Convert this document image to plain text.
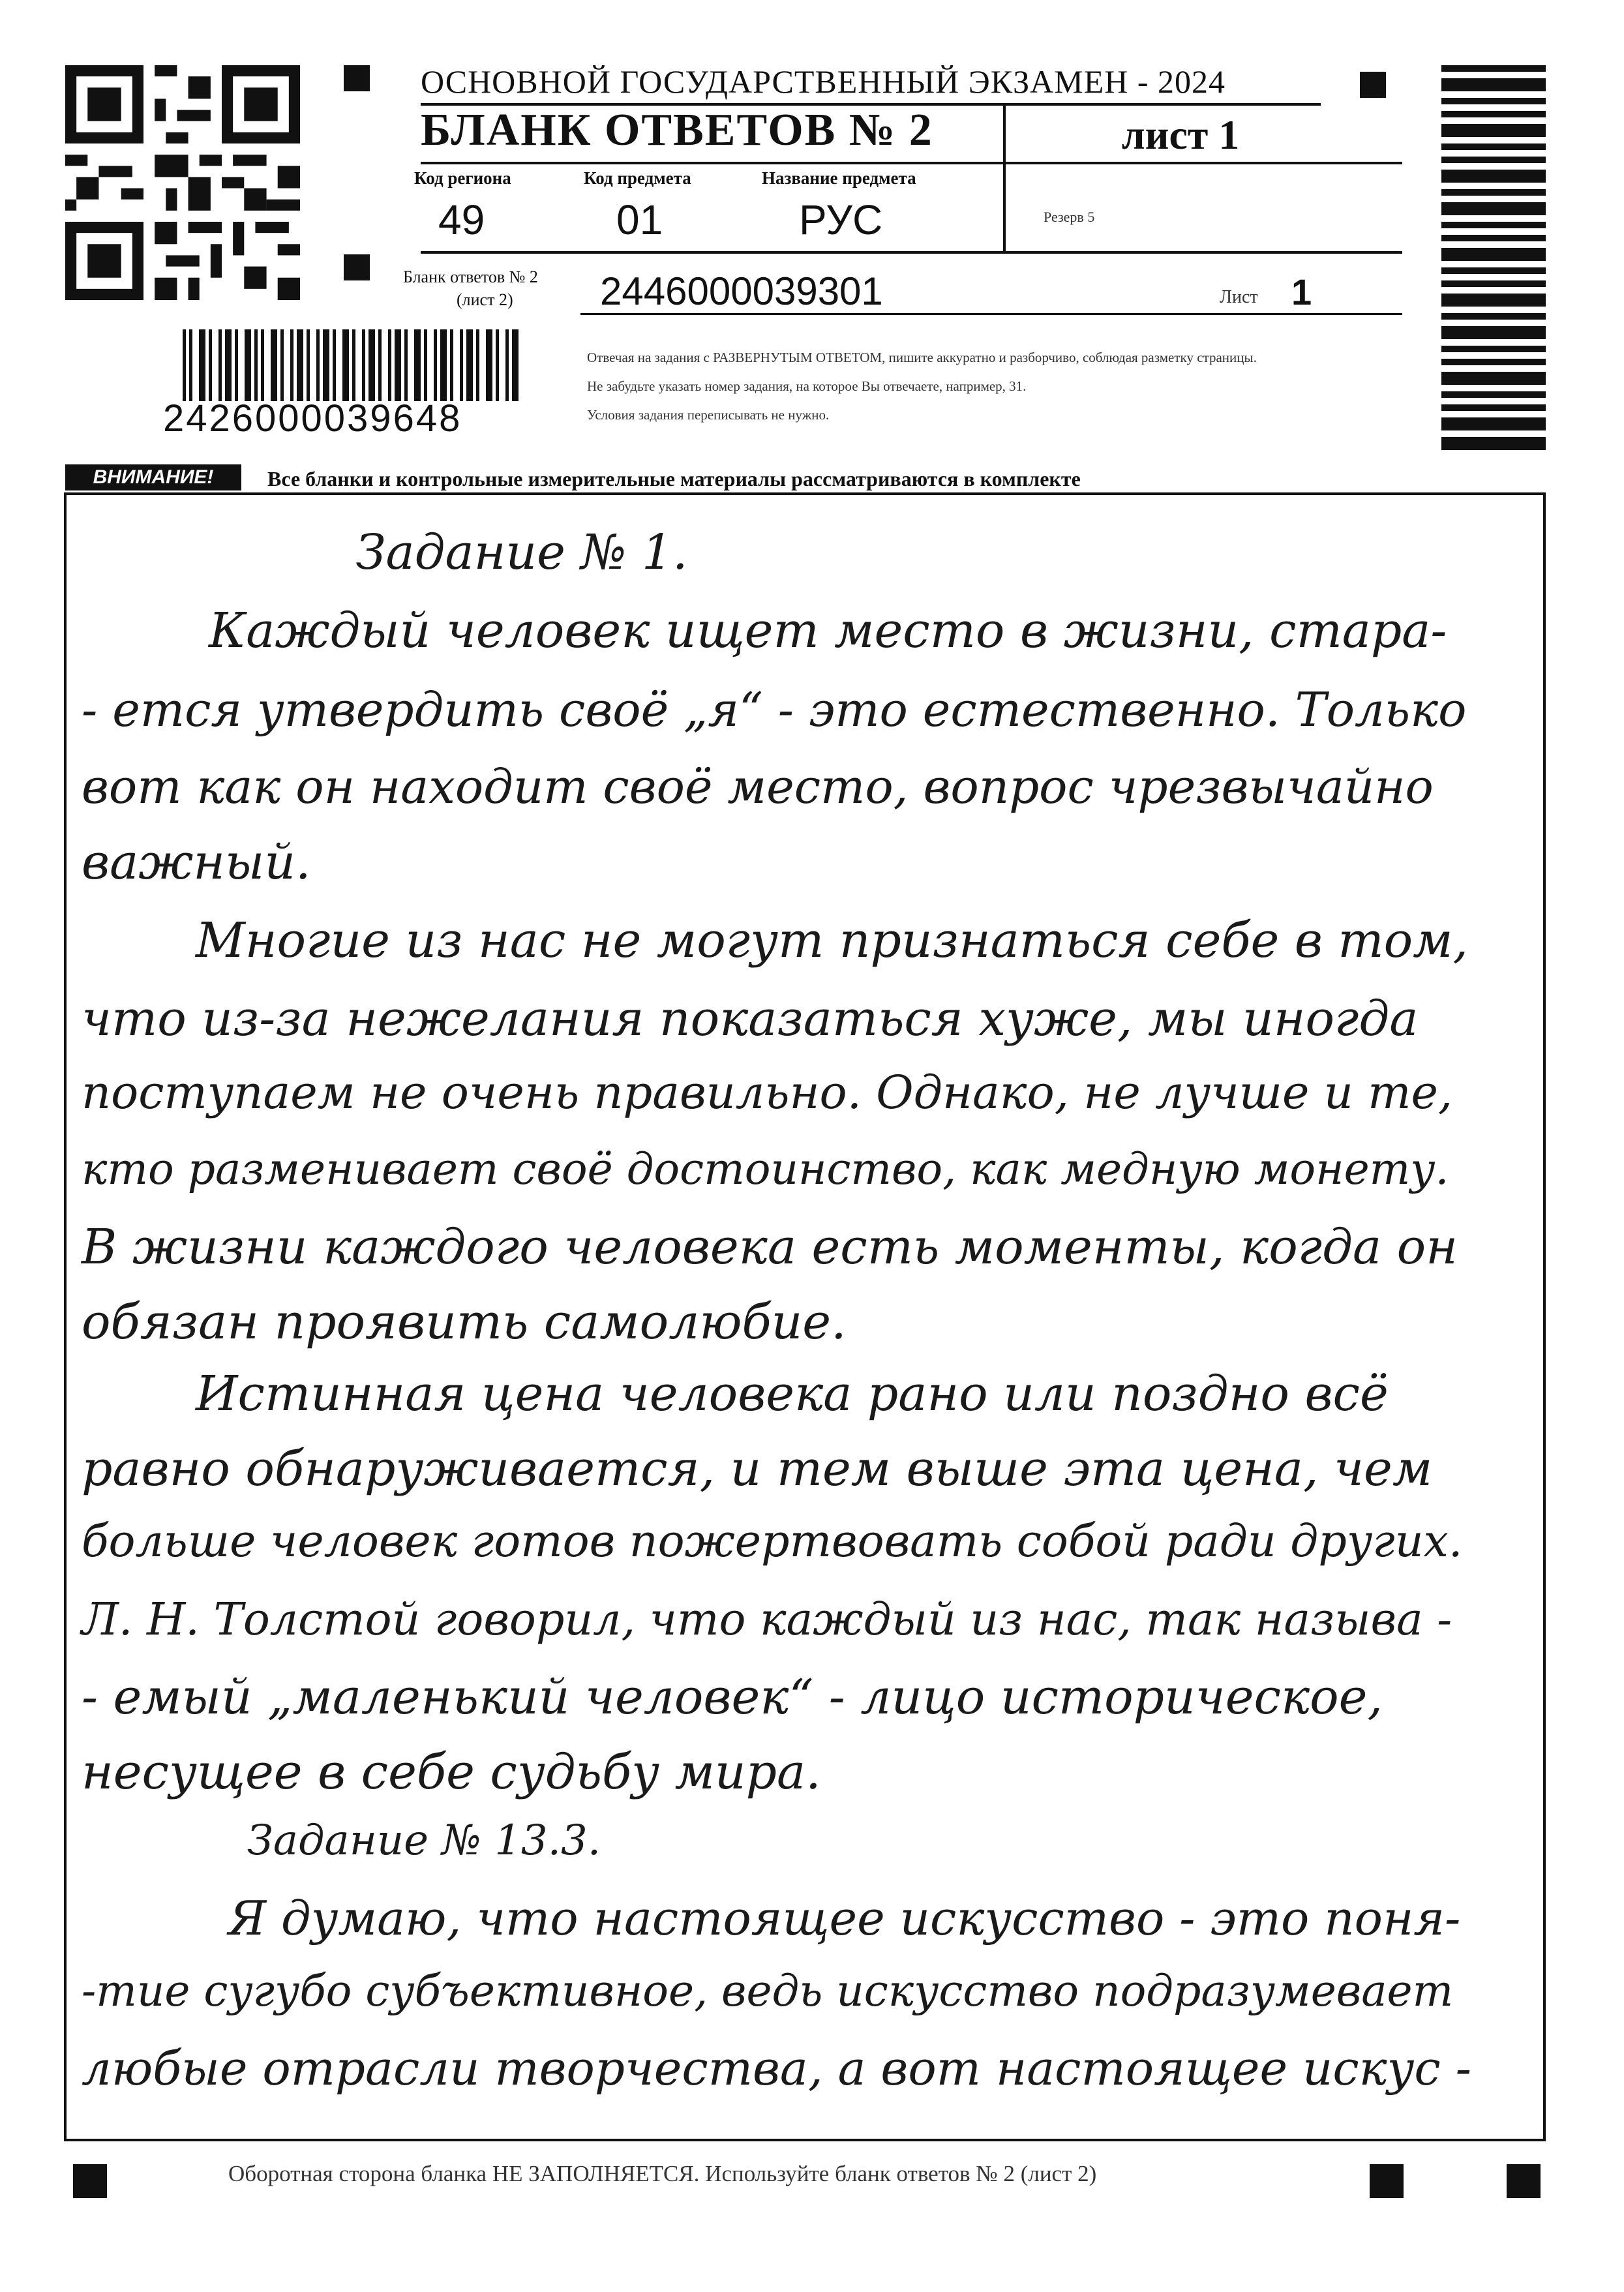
ОСНОВНОЙ ГОСУДАРСТВЕННЫЙ ЭКЗАМЕН - 2024
БЛАНК ОТВЕТОВ № 2	лист 1
Код региона
49
Код предмета
01
Название предмета
РУС	Резерв 5
Бланк ответов № 2
(лист 2) 2446000039301	Лист 1
Отвечая на задания с РАЗВЕРНУТЫМ ОТВЕТОМ, пишите аккуратно и разборчиво, соблюдая разметку страницы.
Не забудьте указать номер задания, на которое Вы отвечаете, например, 31.
Условия задания переписывать не нужно.
2426000039648
ВНИМАНИЕ!	Все бланки и контрольные измерительные материалы рассматриваются в комплекте
Задание № 1.
Каждый человек ищет место в жизни, стара-
- ется утвердить своё „я“ - это естественно. Только
вот как он находит своё место, вопрос чрезвычайно
важный.
Многие из нас не могут признаться себе в том,
что из-за нежелания показаться хуже, мы иногда
поступаем не очень правильно. Однако, не лучше и те,
кто разменивает своё достоинство, как медную монету.
В жизни каждого человека есть моменты, когда он
обязан проявить самолюбие.
Истинная цена человека рано или поздно всё
равно обнаруживается, и тем выше эта цена, чем
больше человек готов пожертвовать собой ради других.
Л. Н. Толстой говорил, что каждый из нас, так называ -
- емый „маленький человек“ - лицо историческое,
несущее в себе судьбу мира.
Задание № 13.3.
Я думаю, что настоящее искусство - это поня-
-тие сугубо субъективное, ведь искусство подразумевает
любые отрасли творчества, а вот настоящее искус -
Оборотная сторона бланка НЕ ЗАПОЛНЯЕТСЯ. Используйте бланк ответов № 2 (лист 2)
